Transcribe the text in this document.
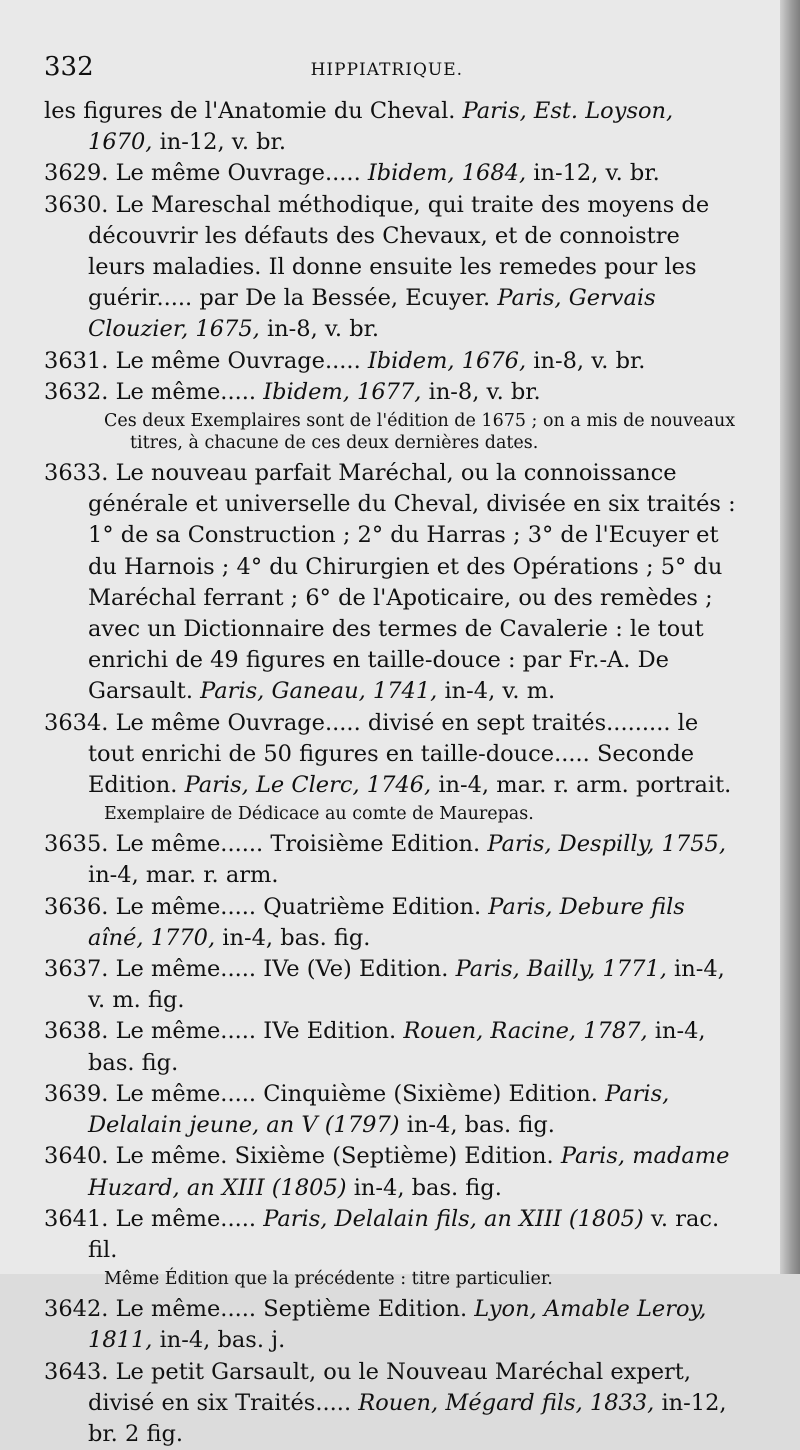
332	HIPPIATRIQUE.

les figures de l'Anatomie du Cheval. Paris, Est. Loyson, 1670, in-12, v. br.

3629. Le même Ouvrage..... Ibidem, 1684, in-12, v. br.

3630. Le Mareschal méthodique, qui traite des moyens de découvrir les défauts des Chevaux, et de connoistre leurs maladies. Il donne ensuite les remedes pour les guérir..... par De la Bessée, Ecuyer. Paris, Gervais Clouzier, 1675, in-8, v. br.

3631. Le même Ouvrage..... Ibidem, 1676, in-8, v. br.

3632. Le même..... Ibidem, 1677, in-8, v. br.

Ces deux Exemplaires sont de l'édition de 1675 ; on a mis de nouveaux titres, à chacune de ces deux dernières dates.

3633. Le nouveau parfait Maréchal, ou la connoissance générale et universelle du Cheval, divisée en six traités : 1° de sa Construction ; 2° du Harras ; 3° de l'Ecuyer et du Harnois ; 4° du Chirurgien et des Opérations ; 5° du Maréchal ferrant ; 6° de l'Apoticaire, ou des remèdes ; avec un Dictionnaire des termes de Cavalerie : le tout enrichi de 49 figures en taille-douce : par Fr.-A. De Garsault. Paris, Ganeau, 1741, in-4, v. m.

3634. Le même Ouvrage..... divisé en sept traités......... le tout enrichi de 50 figures en taille-douce..... Seconde Edition. Paris, Le Clerc, 1746, in-4, mar. r. arm. portrait.

Exemplaire de Dédicace au comte de Maurepas.

3635. Le même...... Troisième Edition. Paris, Despilly, 1755, in-4, mar. r. arm.

3636. Le même..... Quatrième Edition. Paris, Debure fils aîné, 1770, in-4, bas. fig.

3637. Le même..... IVe (Ve) Edition. Paris, Bailly, 1771, in-4, v. m. fig.

3638. Le même..... IVe Edition. Rouen, Racine, 1787, in-4, bas. fig.

3639. Le même..... Cinquième (Sixième) Edition. Paris, Delalain jeune, an V (1797) in-4, bas. fig.

3640. Le même. Sixième (Septième) Edition. Paris, madame Huzard, an XIII (1805) in-4, bas. fig.

3641. Le même..... Paris, Delalain fils, an XIII (1805) v. rac. fil.

Même Édition que la précédente : titre particulier.

3642. Le même..... Septième Edition. Lyon, Amable Leroy, 1811, in-4, bas. j.

3643. Le petit Garsault, ou le Nouveau Maréchal expert, divisé en six Traités..... Rouen, Mégard fils, 1833, in-12, br. 2 fig.
